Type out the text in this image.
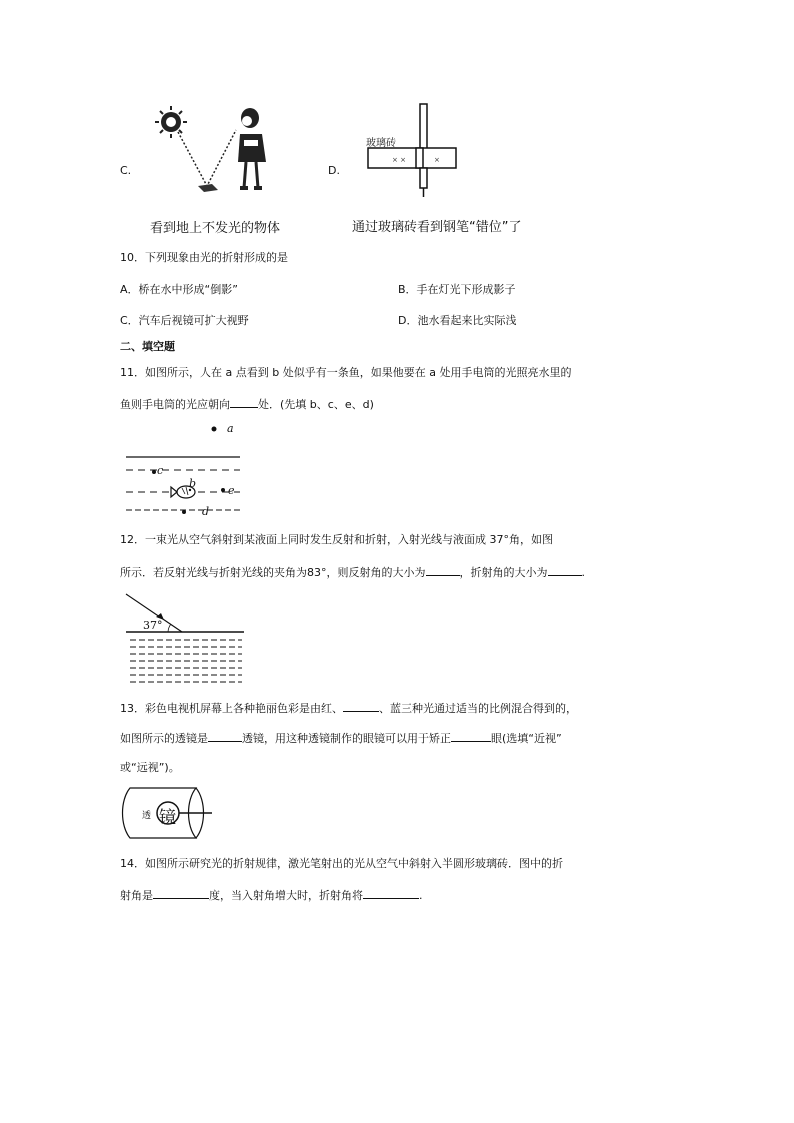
C.
看到地上不发光的物体
D.
× ×	×
玻璃砖
通过玻璃砖看到钢笔“错位”了
10．下列现象由光的折射形成的是
A．桥在水中形成“倒影”	B．手在灯光下形成影子
C．汽车后视镜可扩大视野	D．池水看起来比实际浅
二、填空题
11．如图所示，人在 a 点看到 b 处似乎有一条鱼，如果他要在 a 处用手电筒的光照亮水里的
鱼则手电筒的光应朝向	处．(先填 b、c、e、d)
a
c
b
e
d
12．一束光从空气斜射到某液面上同时发生反射和折射，入射光线与液面成 37°角，如图
所示．若反射光线与折射光线的夹角为83°，则反射角的大小为	，折射角的大小为	.
37°
13．彩色电视机屏幕上各种艳丽色彩是由红、	、蓝三种光通过适当的比例混合得到的，
如图所示的透镜是	透镜，用这种透镜制作的眼镜可以用于矫正	眼(选填“近视”
或“远视”)。
透 镜
14．如图所示研究光的折射规律，激光笔射出的光从空气中斜射入半圆形玻璃砖．图中的折
射角是	度，当入射角增大时，折射角将	.
